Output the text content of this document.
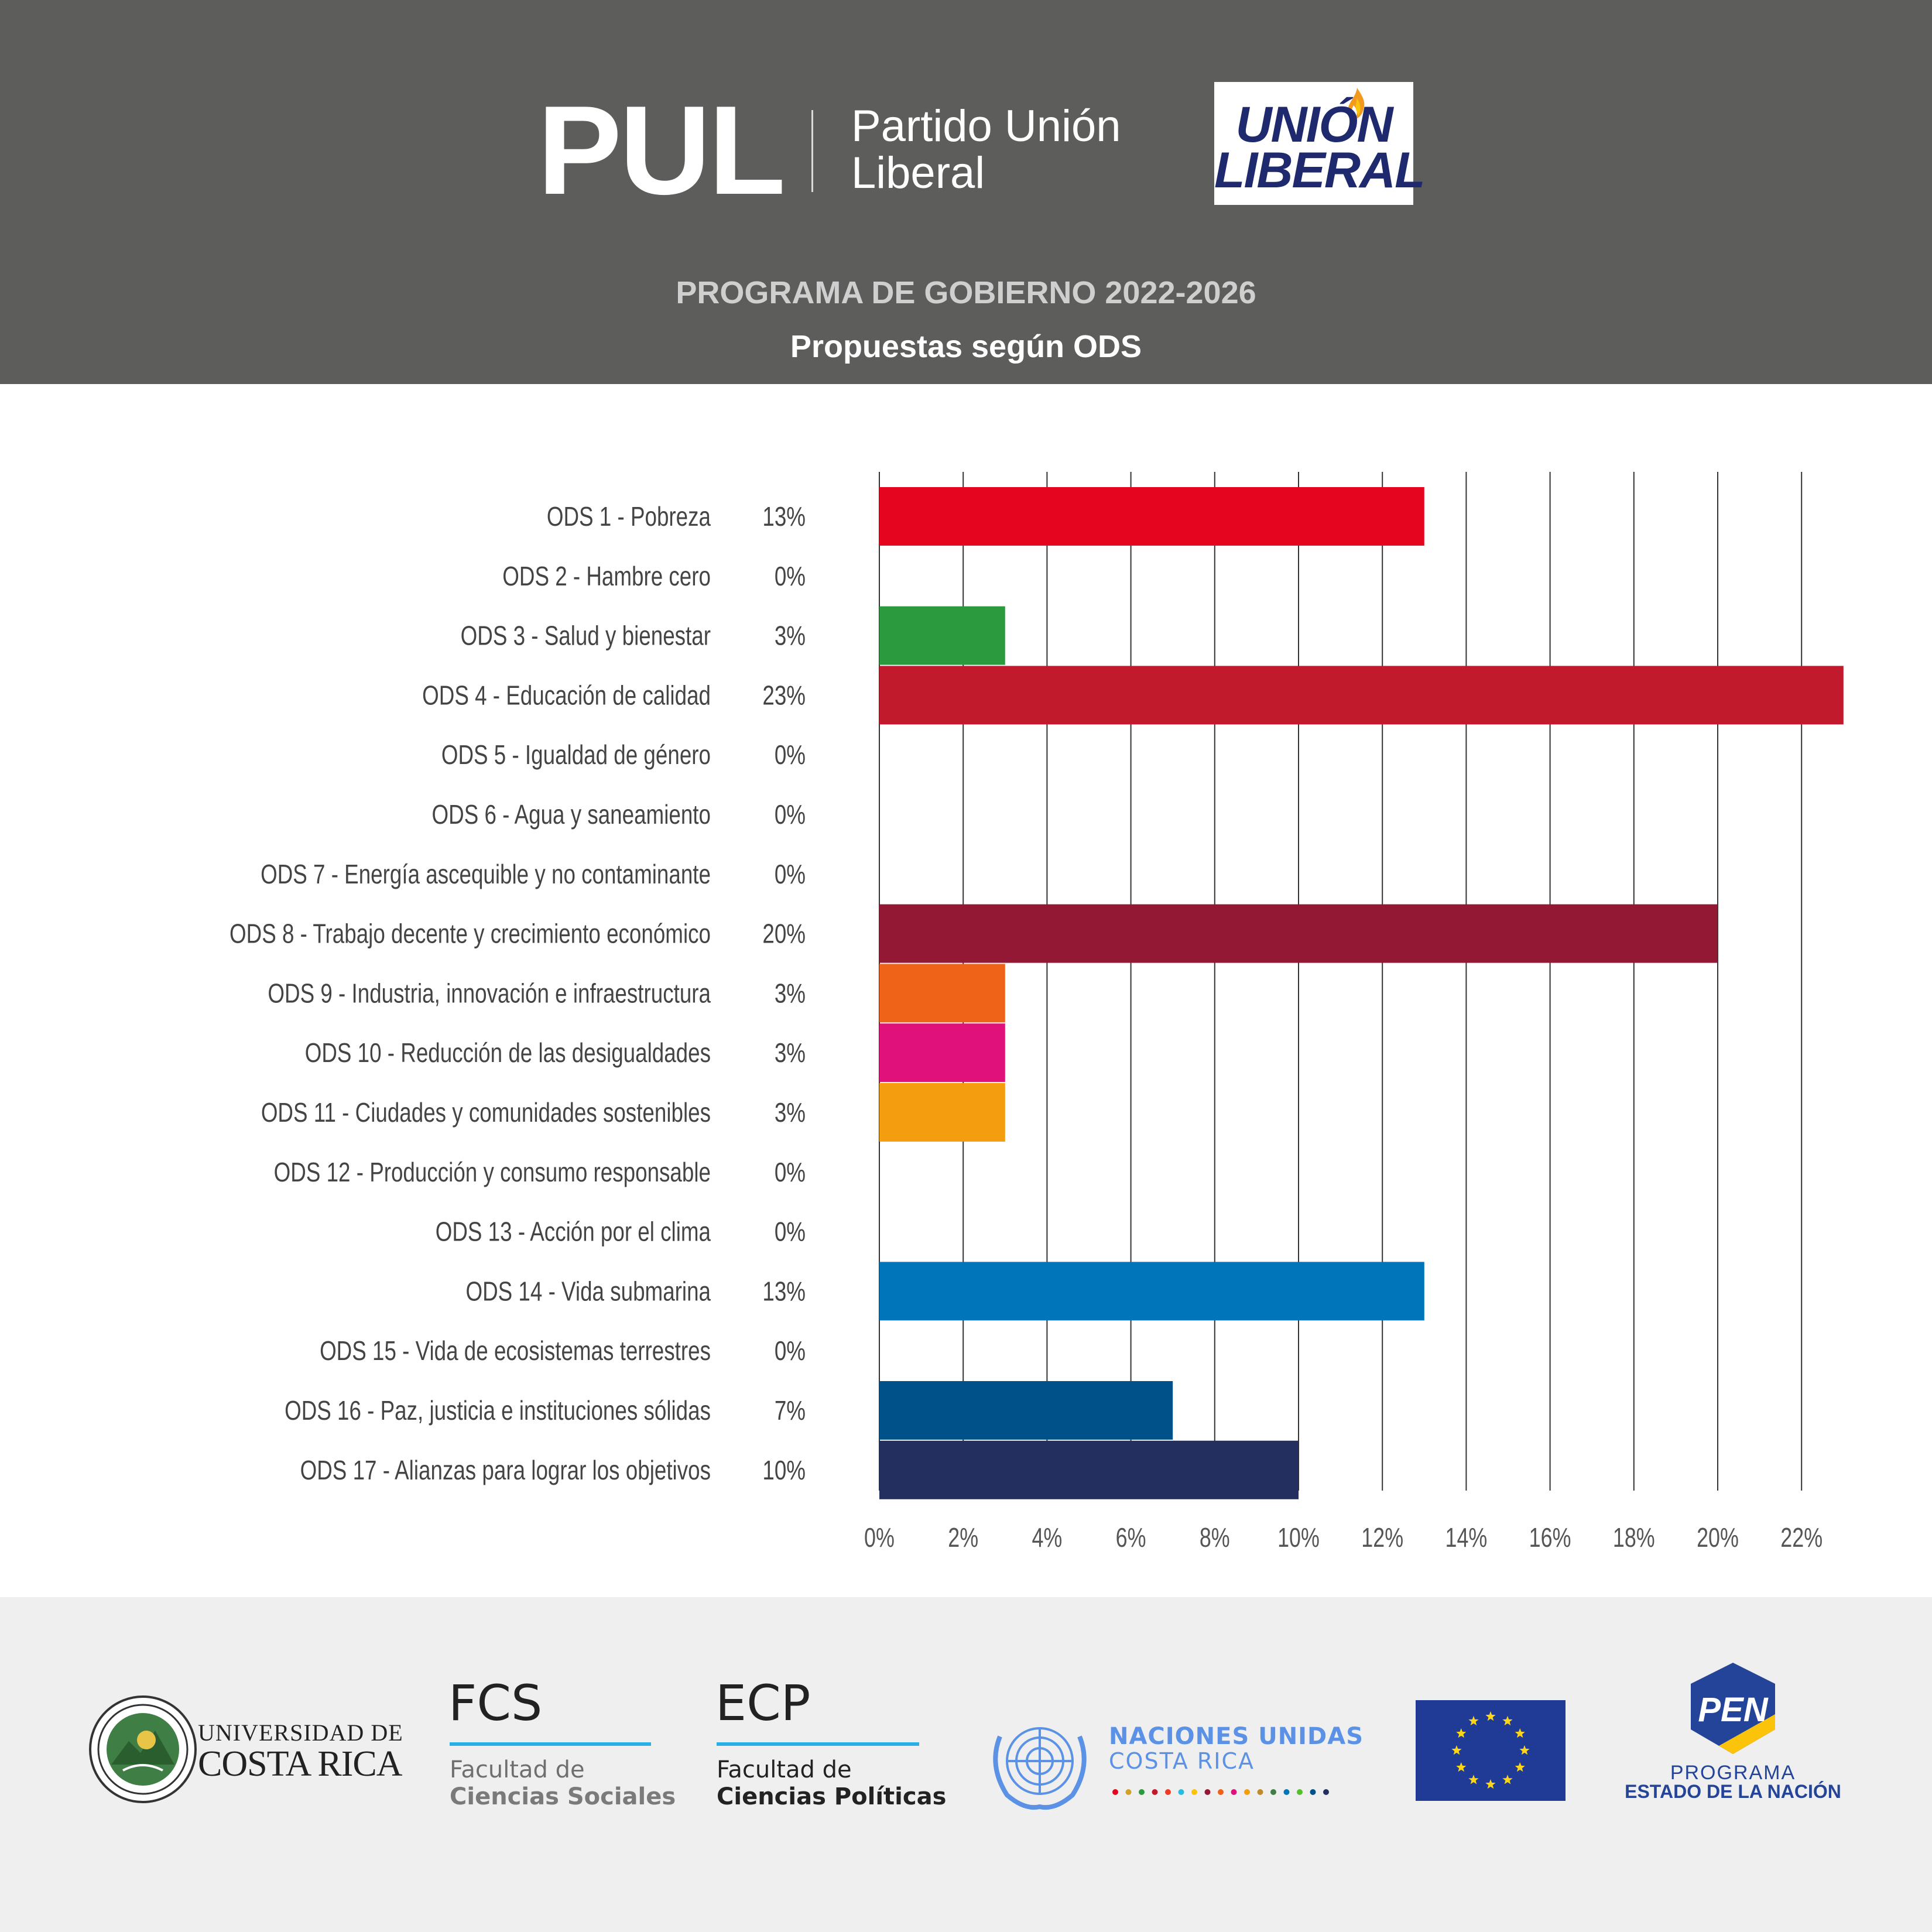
PUL Partido Unión
Liberal
UNIÓN
LIBERAL
PROGRAMA DE GOBIERNO 2022-2026
Propuestas según ODS
0% 2% 4% 6% 8% 10% 12% 14% 16% 18% 20% 22%
ODS 1 - Pobreza 13%
ODS 2 - Hambre cero 0%
ODS 3 - Salud y bienestar 3%
ODS 4 - Educación de calidad 23%
ODS 5 - Igualdad de género 0%
ODS 6 - Agua y saneamiento 0%
ODS 7 - Energía ascequible y no contaminante 0%
ODS 8 - Trabajo decente y crecimiento económico 20%
ODS 9 - Industria, innovación e infraestructura 3%
ODS 10 - Reducción de las desigualdades 3%
ODS 11 - Ciudades y comunidades sostenibles 3%
ODS 12 - Producción y consumo responsable 0%
ODS 13 - Acción por el clima 0%
ODS 14 - Vida submarina 13%
ODS 15 - Vida de ecosistemas terrestres 0%
ODS 16 - Paz, justicia e instituciones sólidas 7%
ODS 17 - Alianzas para lograr los objetivos 10%
UNIVERSIDAD DE
COSTA RICA
FCS
Facultad de
Ciencias Sociales
ECP
Facultad de
Ciencias Políticas
NACIONES UNIDAS
COSTA RICA
PEN
PROGRAMA
ESTADO DE LA NACIÓN
